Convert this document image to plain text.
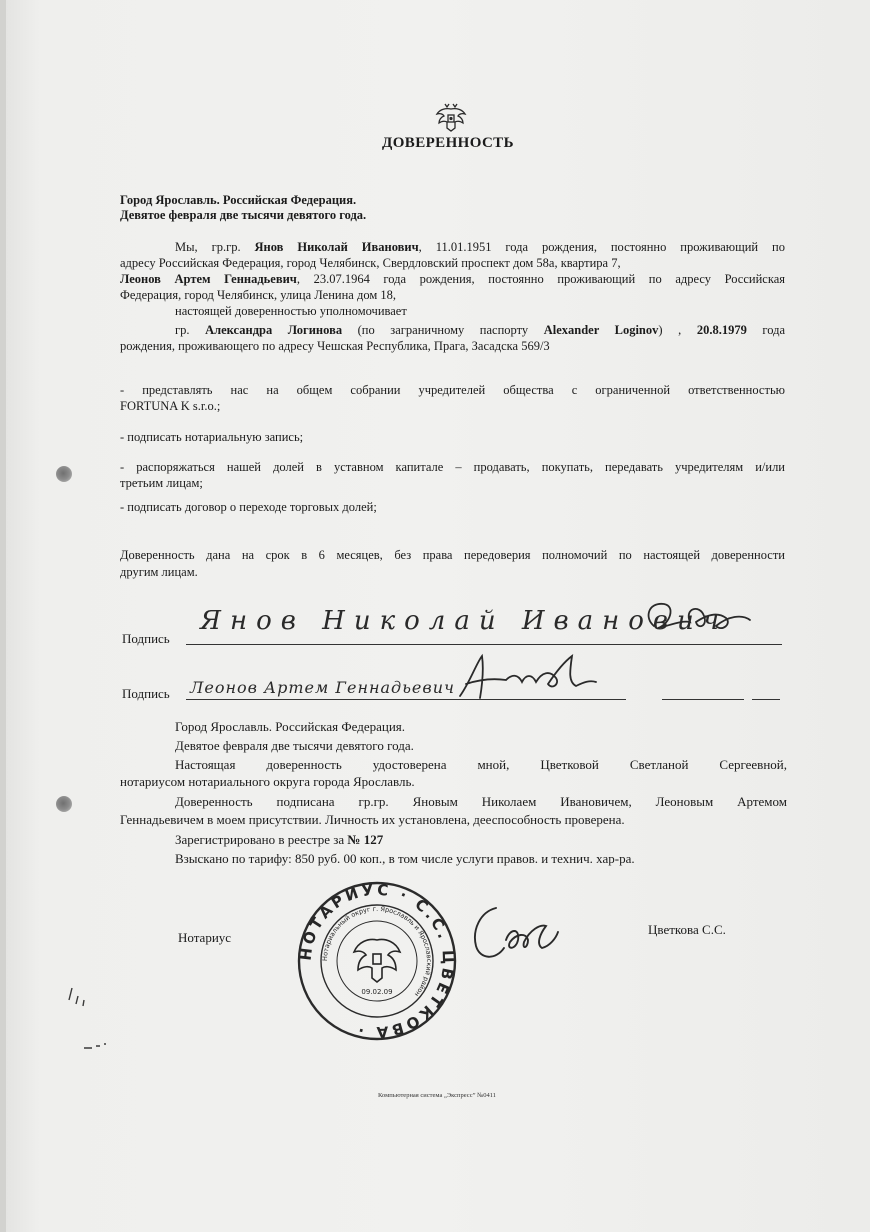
ДОВЕРЕННОСТЬ
Город Ярославль. Российская Федерация.
Девятое февраля две тысячи девятого года.
Мы, гр.гр. Янов Николай Иванович, 11.01.1951 года рождения, постоянно проживающий по
адресу Российская Федерация, город Челябинск, Свердловский проспект дом 58а, квартира 7,
Леонов Артем Геннадьевич, 23.07.1964 года рождения, постоянно проживающий по адресу Российская
Федерация, город Челябинск, улица Ленина дом 18,
настоящей доверенностью уполномочивает
гр. Александра Логинова (по заграничному паспорту Alexander Loginov) , 20.8.1979 года
рождения, проживающего по адресу Чешская Республика, Прага, Засадска 569/3
- представлять нас на общем собрании учредителей общества с ограниченной ответственностью
FORTUNA K s.r.o.;
- подписать нотариальную запись;
- распоряжаться нашей долей в уставном капитале – продавать, покупать, передавать учредителям и/или
третьим лицам;
- подписать договор о переходе торговых долей;
Доверенность дана на срок в 6 месяцев, без права передоверия полномочий по настоящей доверенности
другим лицам.
Подпись
Янов Николай Иванович
Подпись Леонов Артем Геннадьевич
Город Ярославль. Российская Федерация.
Девятое февраля две тысячи девятого года.
Настоящая доверенность удостоверена мной, Цветковой Светланой Сергеевной,
нотариусом нотариального округа города Ярославль.
Доверенность подписана гр.гр. Яновым Николаем Ивановичем, Леоновым Артемом
Геннадьевичем в моем присутствии. Личность их установлена, дееспособность проверена.
Зарегистрировано в реестре за № 127
Взыскано по тарифу: 850 руб. 00 коп., в том числе услуги правов. и технич. хар-ра.
Нотариус
Цветкова С.С.
НОТАРИУС · С.С. ЦВЕТКОВА ·
Нотариальный округ г. Ярославль и Ярославский район
09.02.09
Компьютерная система „Экспресс” №0411
